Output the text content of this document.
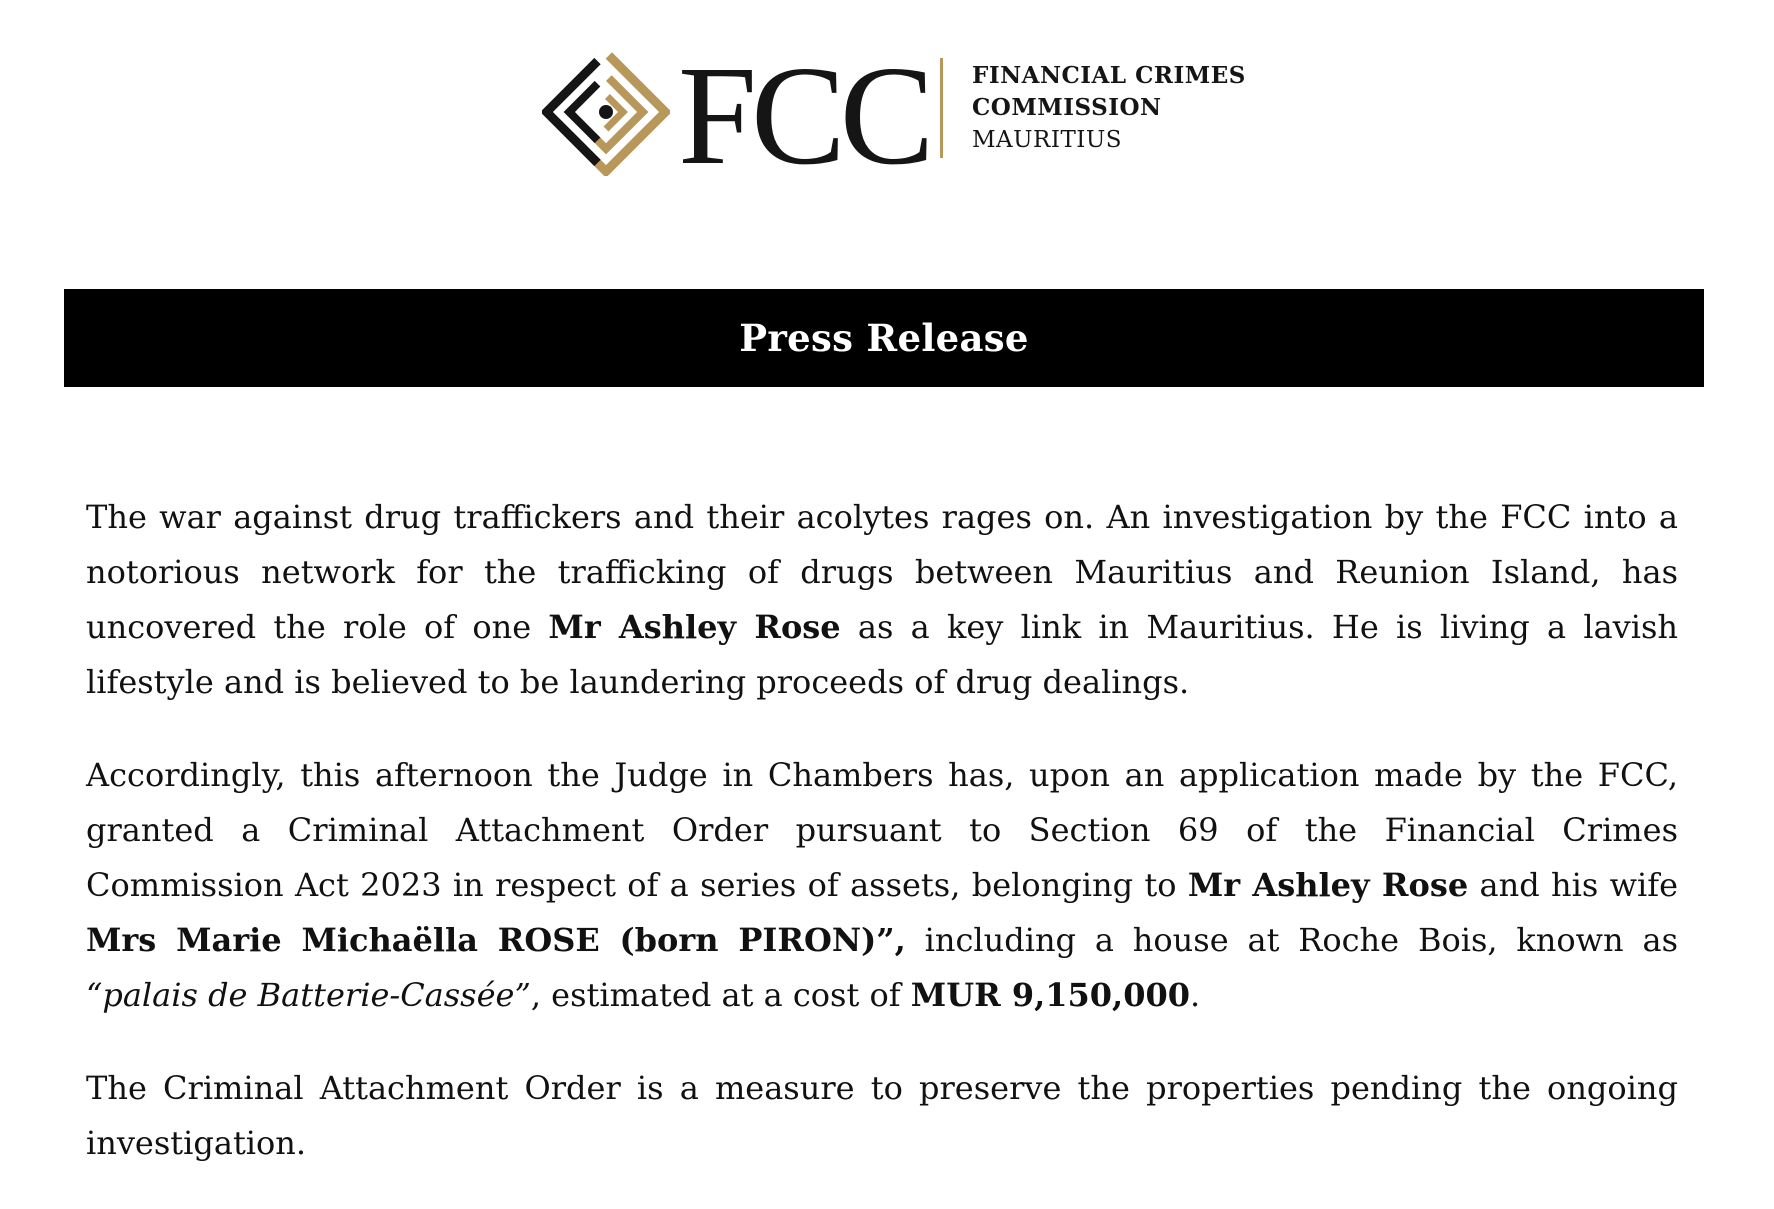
FCC FINANCIAL CRIMES
COMMISSION
MAURITIUS
Press Release

The war against drug traffickers and their acolytes rages on. An investigation by the FCC into a notorious network for the trafficking of drugs between Mauritius and Reunion Island, has uncovered the role of one Mr Ashley Rose as a key link in Mauritius. He is living a lavish lifestyle and is believed to be laundering proceeds of drug dealings.

Accordingly, this afternoon the Judge in Chambers has, upon an application made by the FCC, granted a Criminal Attachment Order pursuant to Section 69 of the Financial Crimes Commission Act 2023 in respect of a series of assets, belonging to Mr Ashley Rose and his wife Mrs Marie Michaëlla ROSE (born PIRON)”, including a house at Roche Bois, known as “palais de Batterie-Cassée”, estimated at a cost of MUR 9,150,000.

The Criminal Attachment Order is a measure to preserve the properties pending the ongoing investigation.
